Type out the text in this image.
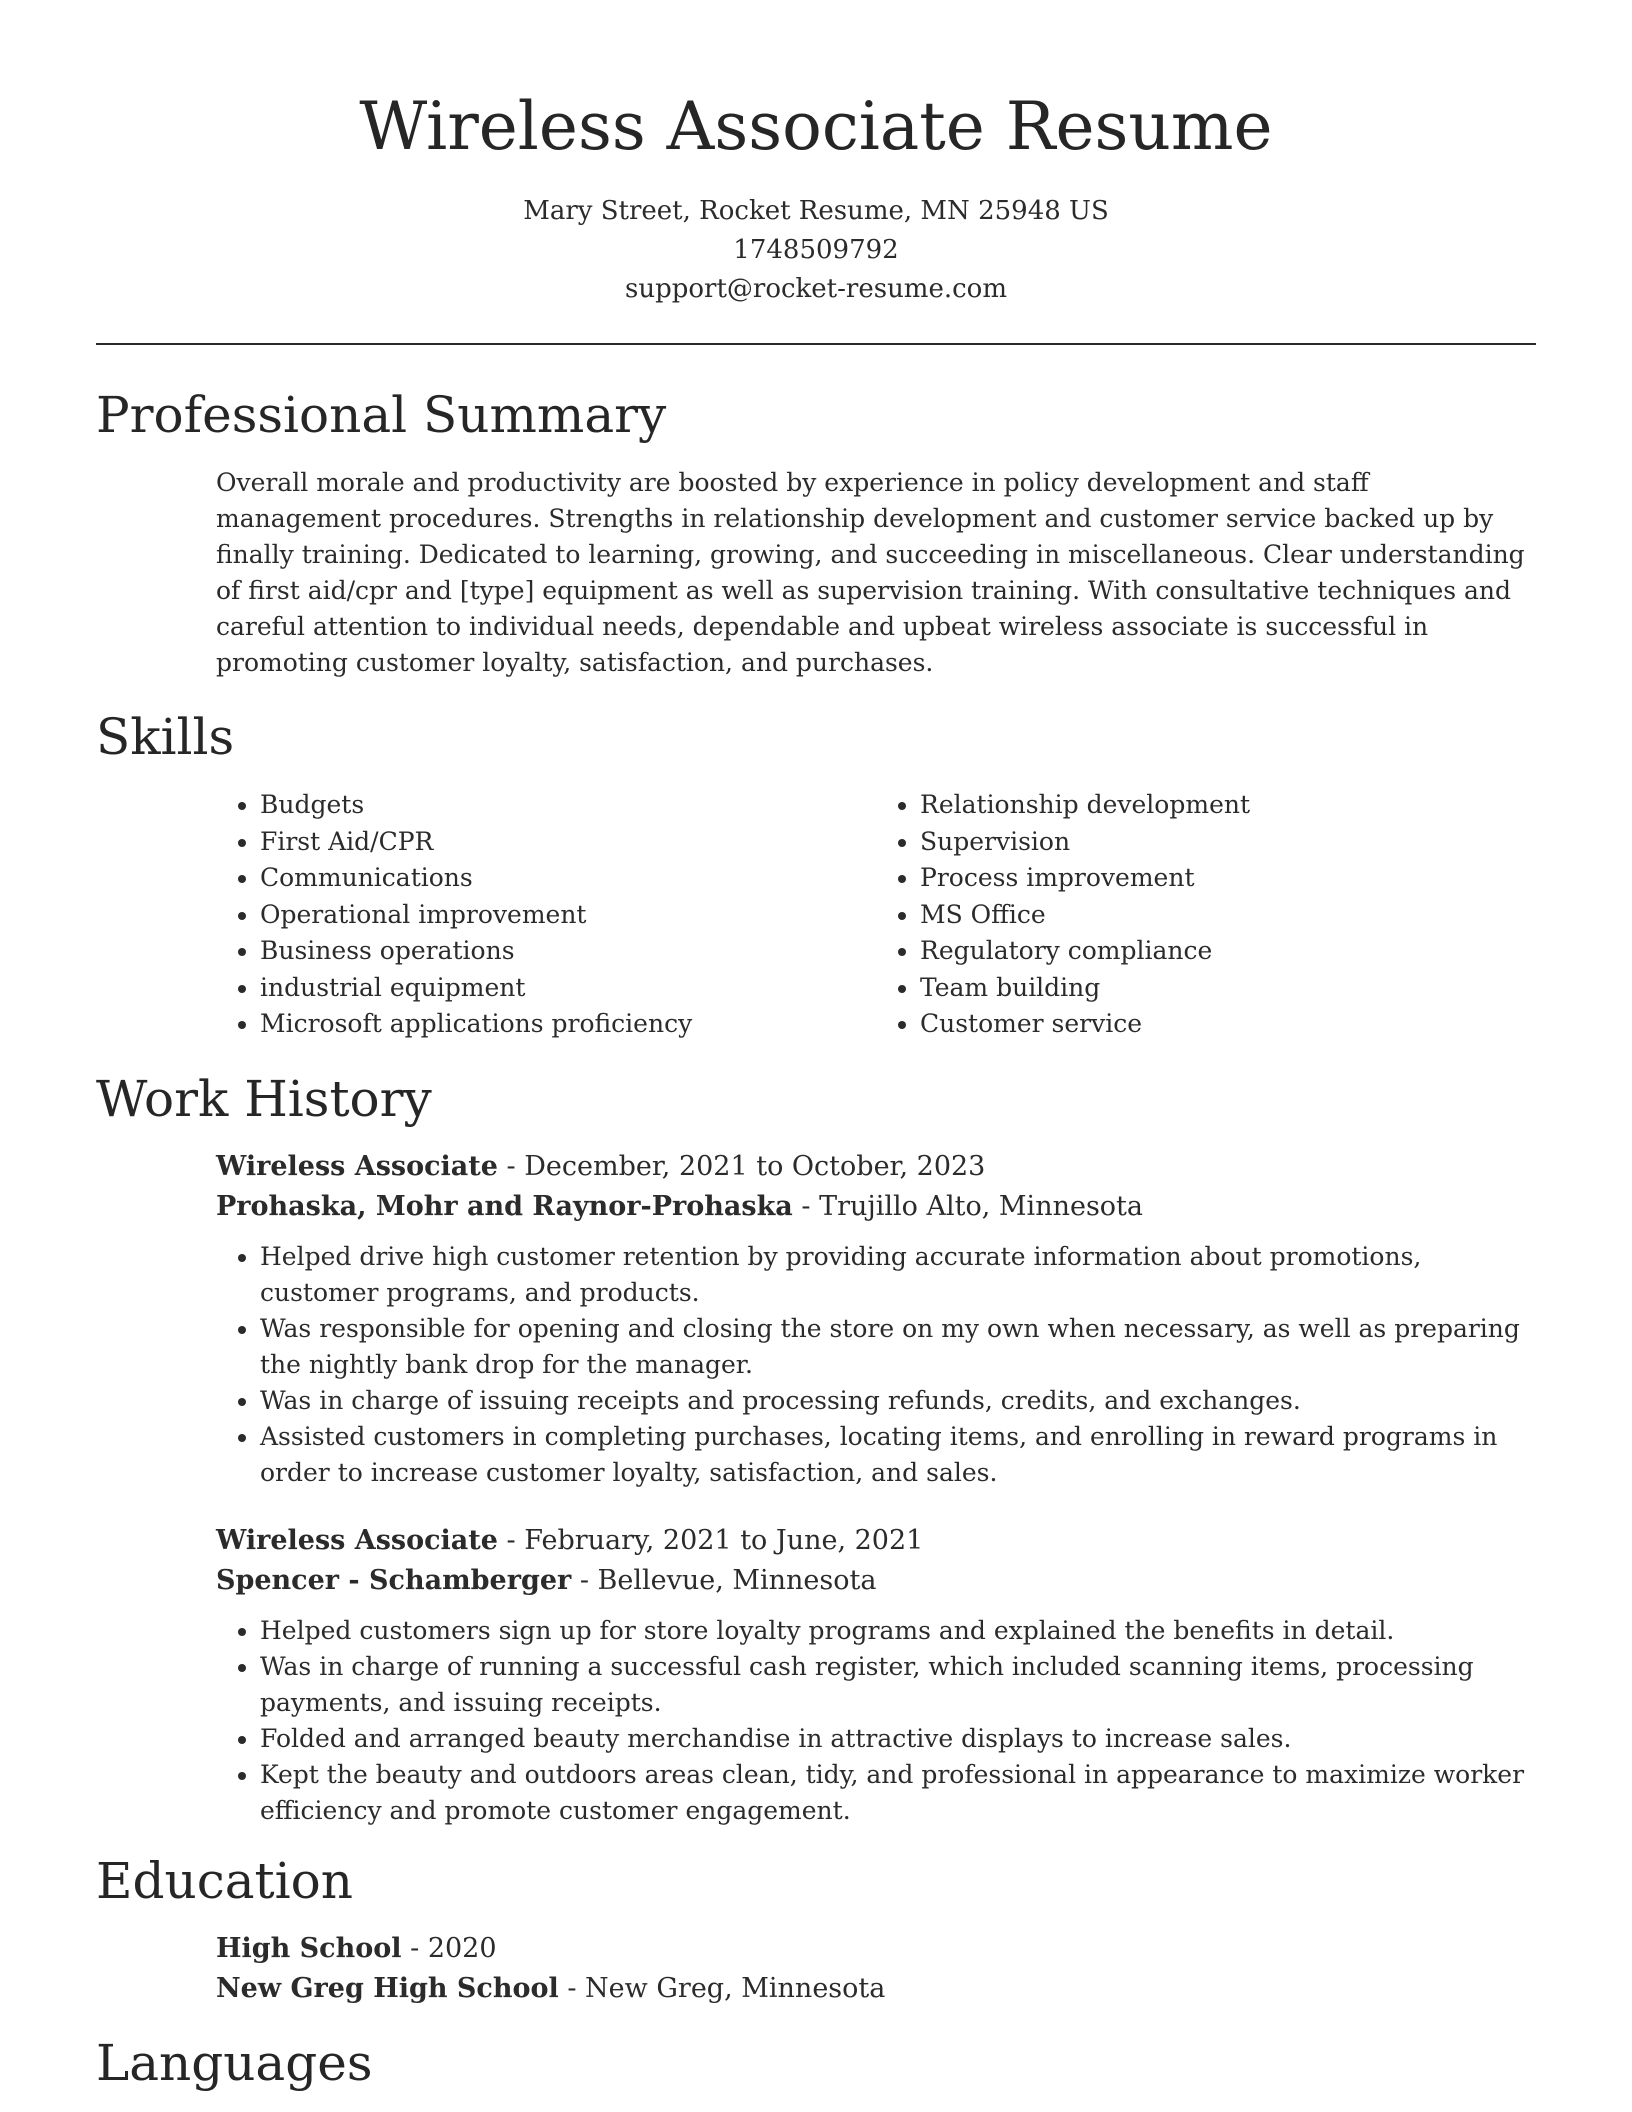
Wireless Associate Resume

Mary Street, Rocket Resume, MN 25948 US

1748509792

support@rocket-resume.com

Professional Summary

Overall morale and productivity are boosted by experience in policy development and staff management procedures. Strengths in relationship development and customer service backed up by finally training. Dedicated to learning, growing, and succeeding in miscellaneous. Clear understanding of first aid/cpr and [type] equipment as well as supervision training. With consultative techniques and careful attention to individual needs, dependable and upbeat wireless associate is successful in promoting customer loyalty, satisfaction, and purchases.

Skills
• Budgets
• First Aid/CPR
• Communications
• Operational improvement
• Business operations
• industrial equipment
• Microsoft applications proficiency
• Relationship development
• Supervision
• Process improvement
• MS Office
• Regulatory compliance
• Team building
• Customer service
Work History

Wireless Associate - December, 2021 to October, 2023

Prohaska, Mohr and Raynor-Prohaska - Trujillo Alto, Minnesota

• Helped drive high customer retention by providing accurate information about promotions, customer programs, and products.
• Was responsible for opening and closing the store on my own when necessary, as well as preparing the nightly bank drop for the manager.
• Was in charge of issuing receipts and processing refunds, credits, and exchanges.
• Assisted customers in completing purchases, locating items, and enrolling in reward programs in order to increase customer loyalty, satisfaction, and sales.

Wireless Associate - February, 2021 to June, 2021

Spencer - Schamberger - Bellevue, Minnesota

• Helped customers sign up for store loyalty programs and explained the benefits in detail.
• Was in charge of running a successful cash register, which included scanning items, processing payments, and issuing receipts.
• Folded and arranged beauty merchandise in attractive displays to increase sales.
• Kept the beauty and outdoors areas clean, tidy, and professional in appearance to maximize worker efficiency and promote customer engagement.
Education

High School - 2020

New Greg High School - New Greg, Minnesota

Languages
